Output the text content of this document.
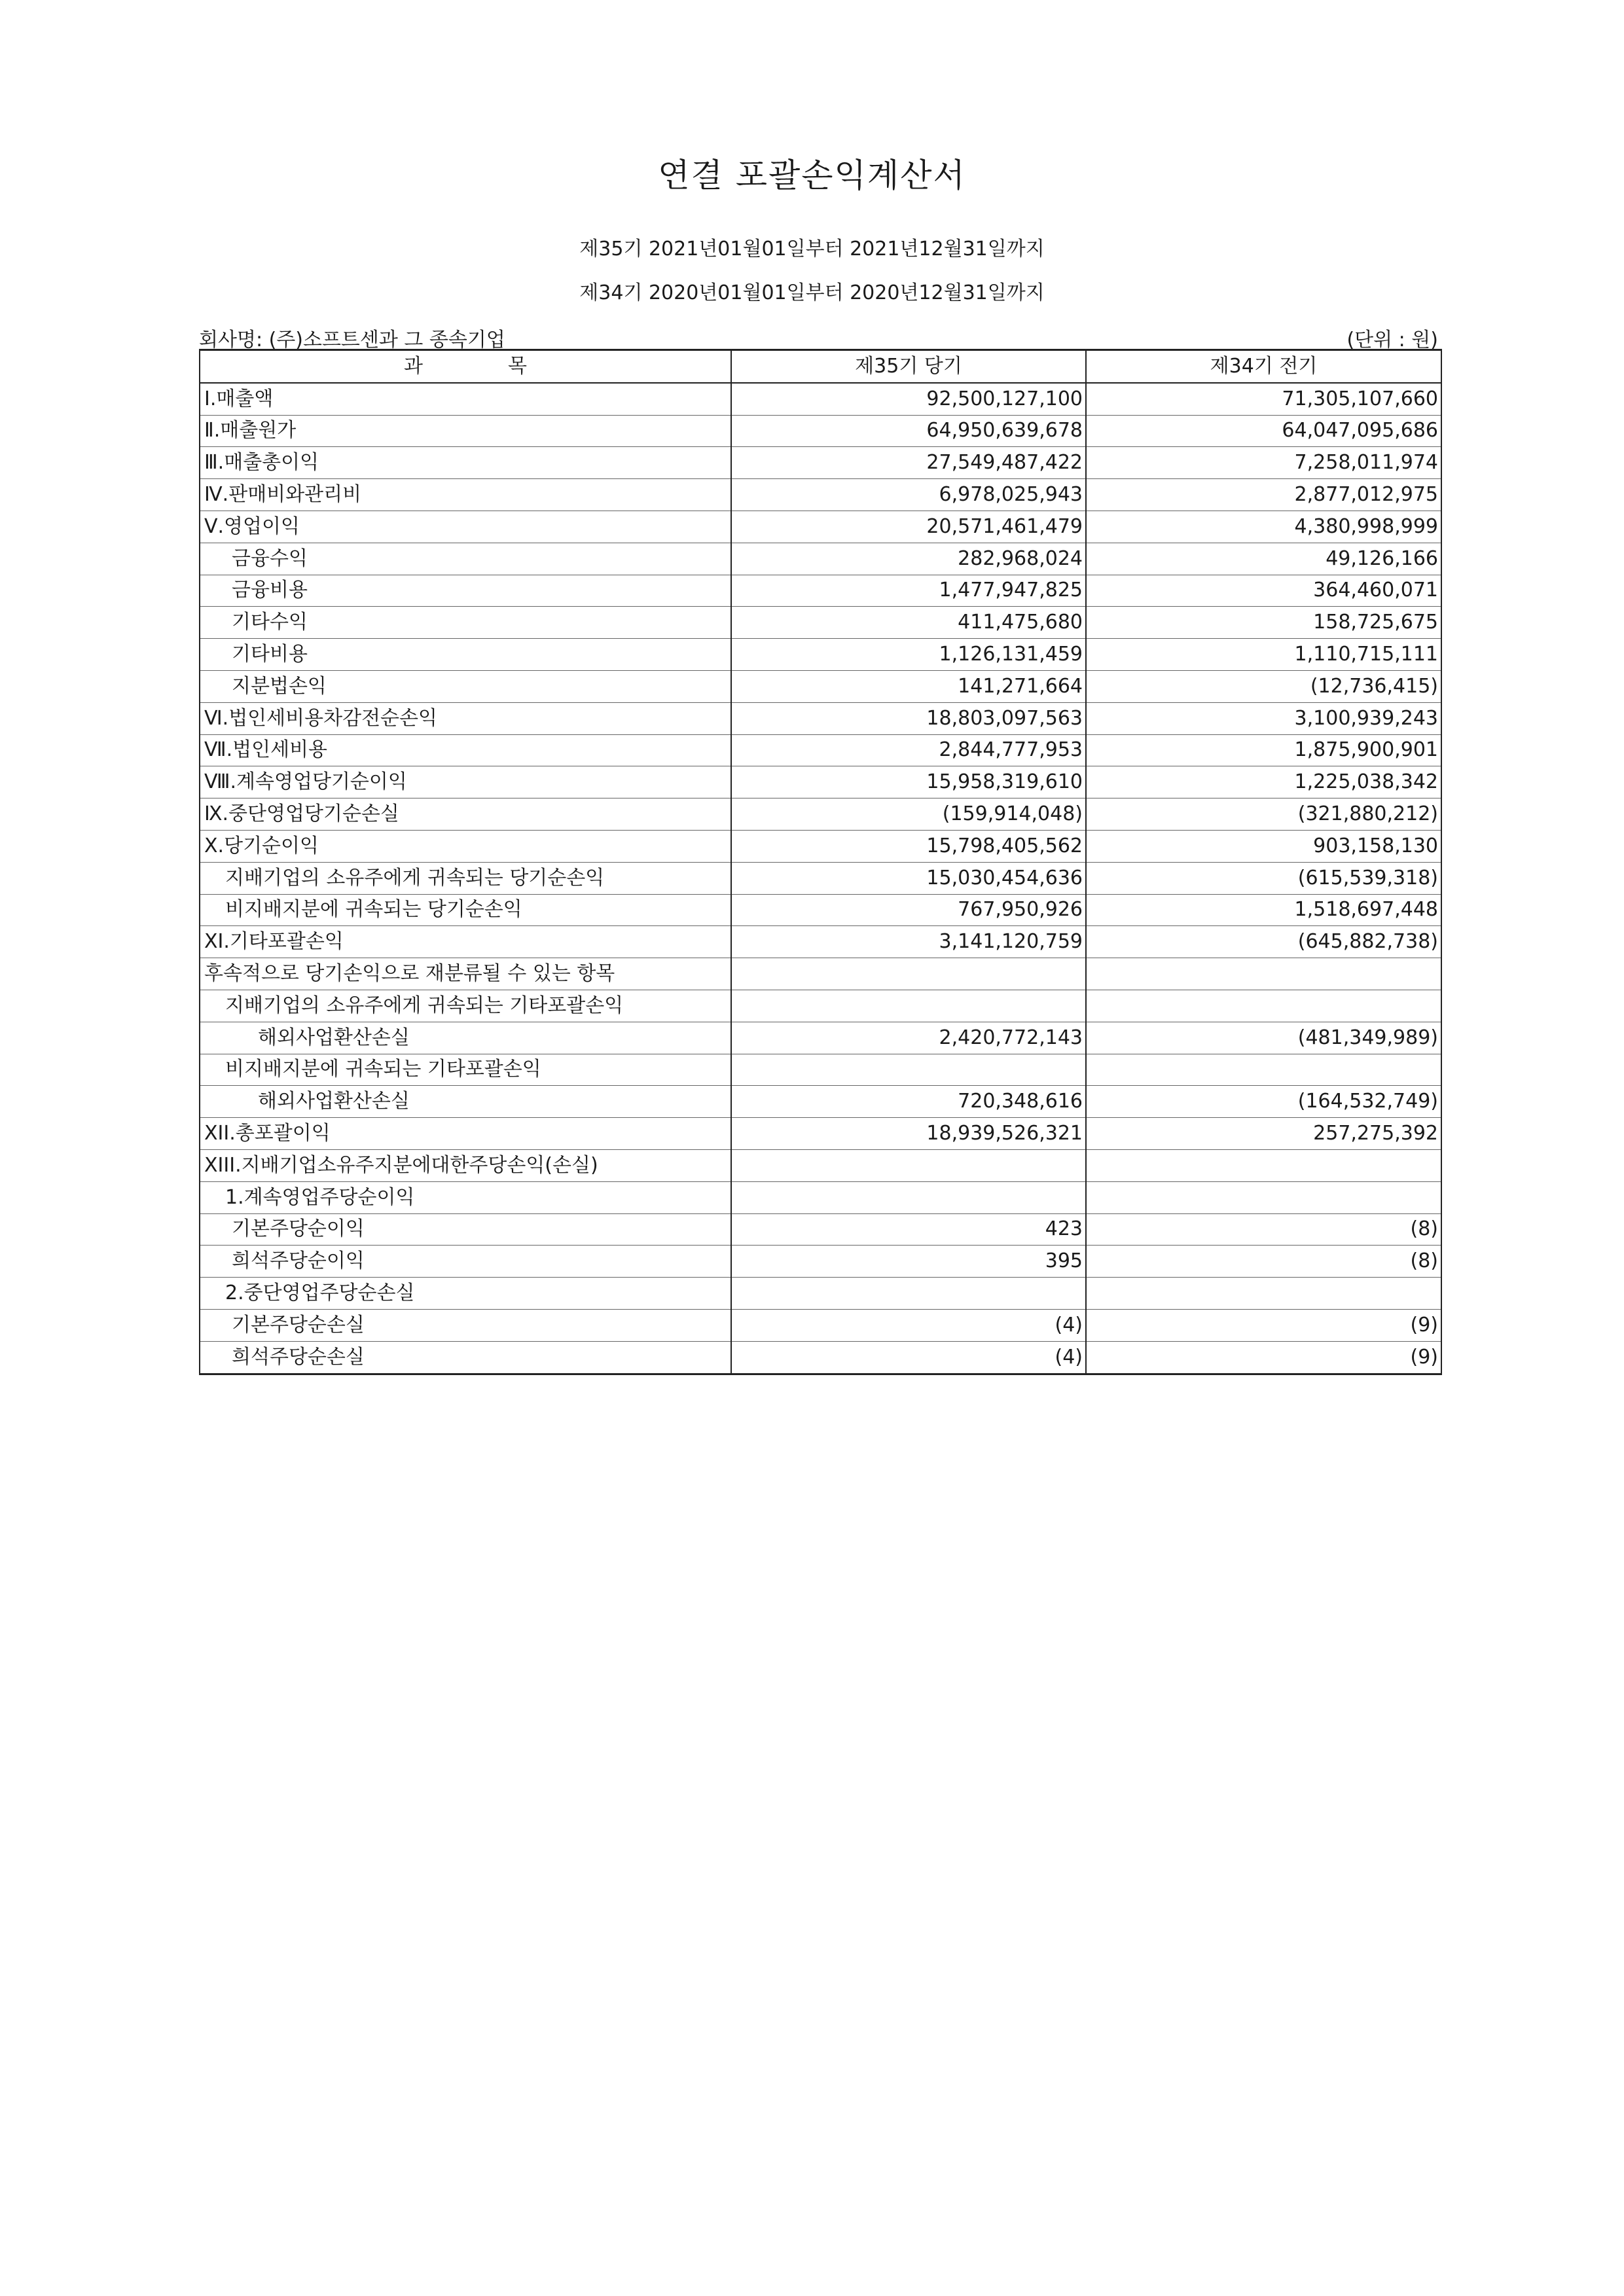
연결 포괄손익계산서
제35기 2021년01월01일부터 2021년12월31일까지
제34기 2020년01월01일부터 2020년12월31일까지
회사명: (주)소프트센과 그 종속기업	(단위 : 원)
과 목	제35기 당기	제34기 전기
Ⅰ.매출액	92,500,127,100	71,305,107,660
Ⅱ.매출원가	64,950,639,678	64,047,095,686
Ⅲ.매출총이익	27,549,487,422	7,258,011,974
Ⅳ.판매비와관리비	6,978,025,943	2,877,012,975
Ⅴ.영업이익	20,571,461,479	4,380,998,999
금융수익	282,968,024	49,126,166
금융비용	1,477,947,825	364,460,071
기타수익	411,475,680	158,725,675
기타비용	1,126,131,459	1,110,715,111
지분법손익	141,271,664	(12,736,415)
Ⅵ.법인세비용차감전순손익	18,803,097,563	3,100,939,243
Ⅶ.법인세비용	2,844,777,953	1,875,900,901
Ⅷ.계속영업당기순이익	15,958,319,610	1,225,038,342
Ⅸ.중단영업당기순손실	(159,914,048)	(321,880,212)
Ⅹ.당기순이익	15,798,405,562	903,158,130
지배기업의 소유주에게 귀속되는 당기순손익	15,030,454,636	(615,539,318)
비지배지분에 귀속되는 당기순손익	767,950,926	1,518,697,448
XI.기타포괄손익	3,141,120,759	(645,882,738)
후속적으로 당기손익으로 재분류될 수 있는 항목		
지배기업의 소유주에게 귀속되는 기타포괄손익		
해외사업환산손실	2,420,772,143	(481,349,989)
비지배지분에 귀속되는 기타포괄손익		
해외사업환산손실	720,348,616	(164,532,749)
XII.총포괄이익	18,939,526,321	257,275,392
XIII.지배기업소유주지분에대한주당손익(손실)		
1.계속영업주당순이익		
기본주당순이익	423	(8)
희석주당순이익	395	(8)
2.중단영업주당순손실		
기본주당순손실	(4)	(9)
희석주당순손실	(4)	(9)
